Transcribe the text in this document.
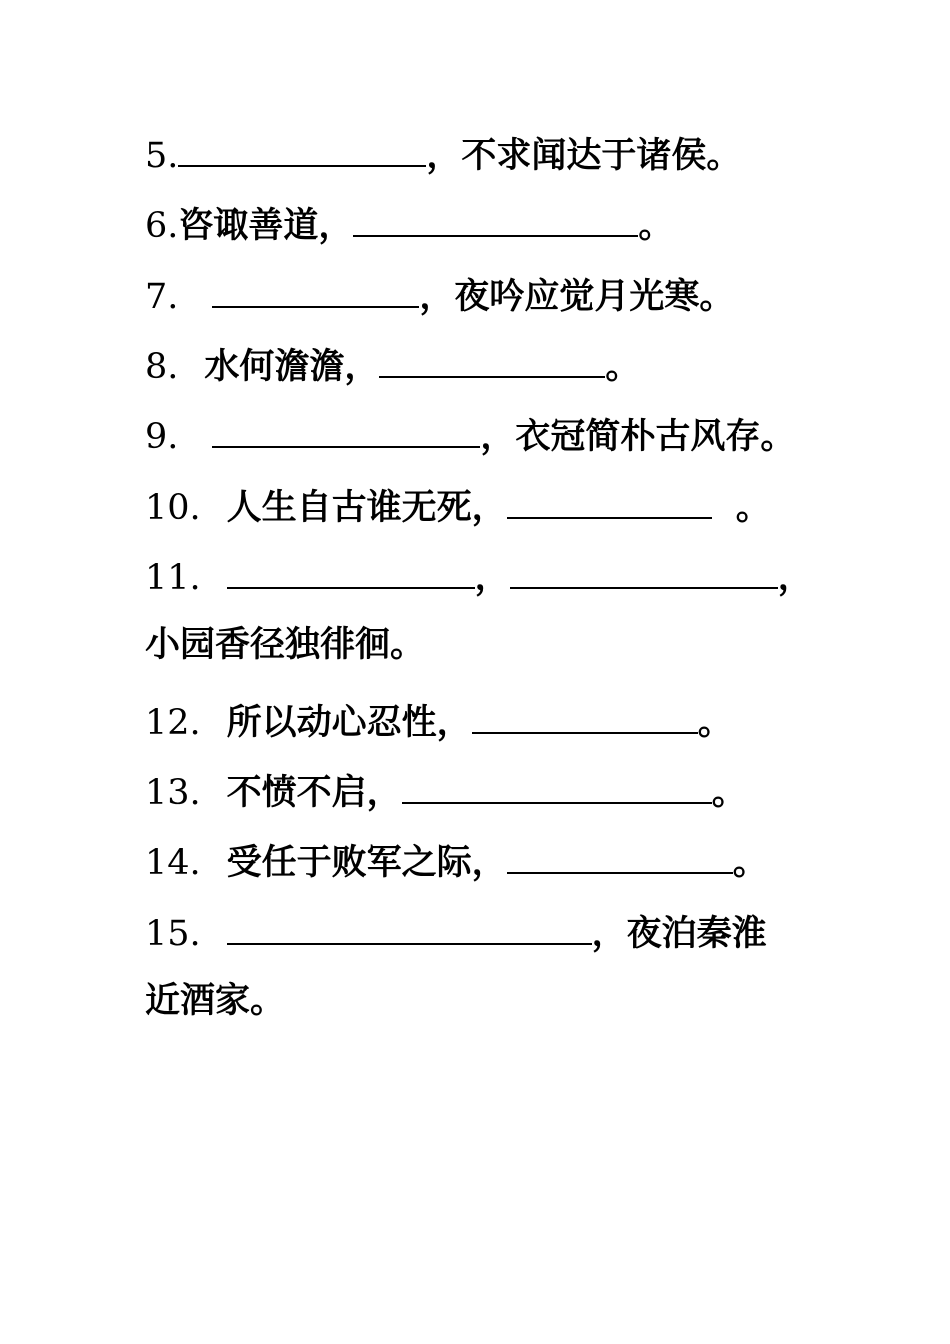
5.	，不求闻达于诸侯。
6.咨诹善道，	。
7.	，夜吟应觉月光寒。
8. 水何澹澹，	。
9.	，衣冠简朴古风存。
10. 人生自古谁无死，	。
11.	，	，
小园香径独徘徊。
12. 所以动心忍性，	。
13. 不愤不启，	。
14. 受任于败军之际，	。
15.	，夜泊秦淮
近酒家。
